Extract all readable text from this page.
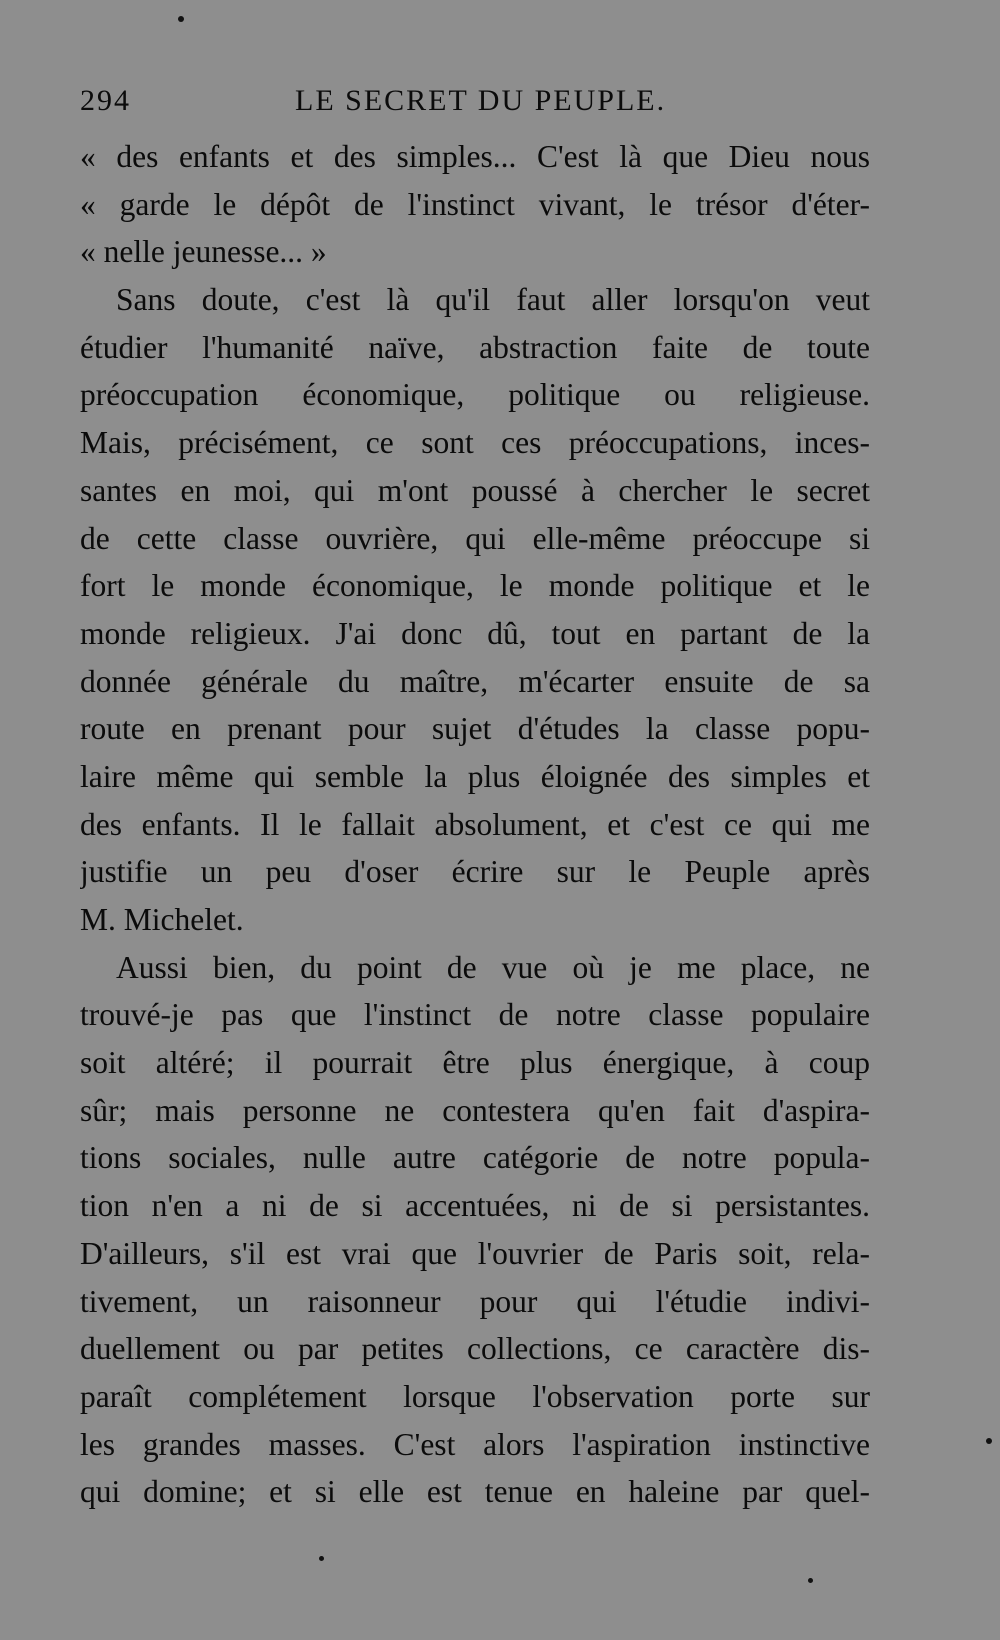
294	LE SECRET DU PEUPLE.
« des enfants et des simples... C'est là que Dieu nous
« garde le dépôt de l'instinct vivant, le trésor d'éter-
« nelle jeunesse... »
Sans doute, c'est là qu'il faut aller lorsqu'on veut
étudier l'humanité naïve, abstraction faite de toute
préoccupation économique, politique ou religieuse.
Mais, précisément, ce sont ces préoccupations, inces-
santes en moi, qui m'ont poussé à chercher le secret
de cette classe ouvrière, qui elle-même préoccupe si
fort le monde économique, le monde politique et le
monde religieux. J'ai donc dû, tout en partant de la
donnée générale du maître, m'écarter ensuite de sa
route en prenant pour sujet d'études la classe popu-
laire même qui semble la plus éloignée des simples et
des enfants. Il le fallait absolument, et c'est ce qui me
justifie un peu d'oser écrire sur le Peuple après
M. Michelet.
Aussi bien, du point de vue où je me place, ne
trouvé-je pas que l'instinct de notre classe populaire
soit altéré; il pourrait être plus énergique, à coup
sûr; mais personne ne contestera qu'en fait d'aspira-
tions sociales, nulle autre catégorie de notre popula-
tion n'en a ni de si accentuées, ni de si persistantes.
D'ailleurs, s'il est vrai que l'ouvrier de Paris soit, rela-
tivement, un raisonneur pour qui l'étudie indivi-
duellement ou par petites collections, ce caractère dis-
paraît complétement lorsque l'observation porte sur
les grandes masses. C'est alors l'aspiration instinctive
qui domine; et si elle est tenue en haleine par quel-
